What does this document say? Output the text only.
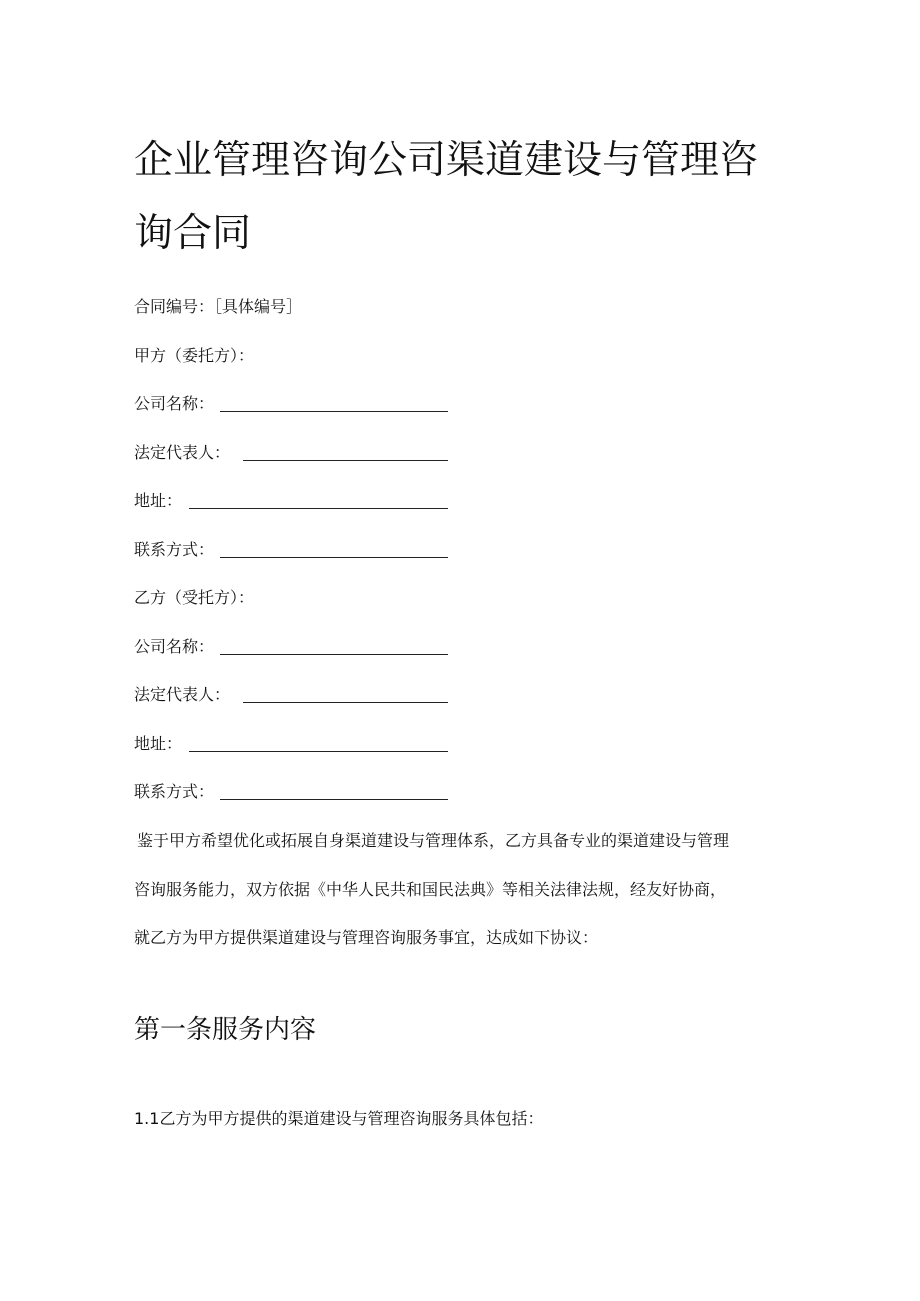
企业管理咨询公司渠道建设与管理咨询合同
合同编号：［具体编号］
甲方（委托方）：
公司名称：
法定代表人：
地址：
联系方式：
乙方（受托方）：
公司名称：
法定代表人：
地址：
联系方式：
鉴于甲方希望优化或拓展自身渠道建设与管理体系，乙方具备专业的渠道建设与管理
咨询服务能力，双方依据《中华人民共和国民法典》等相关法律法规，经友好协商，
就乙方为甲方提供渠道建设与管理咨询服务事宜，达成如下协议：
第一条服务内容
1.1乙方为甲方提供的渠道建设与管理咨询服务具体包括：
